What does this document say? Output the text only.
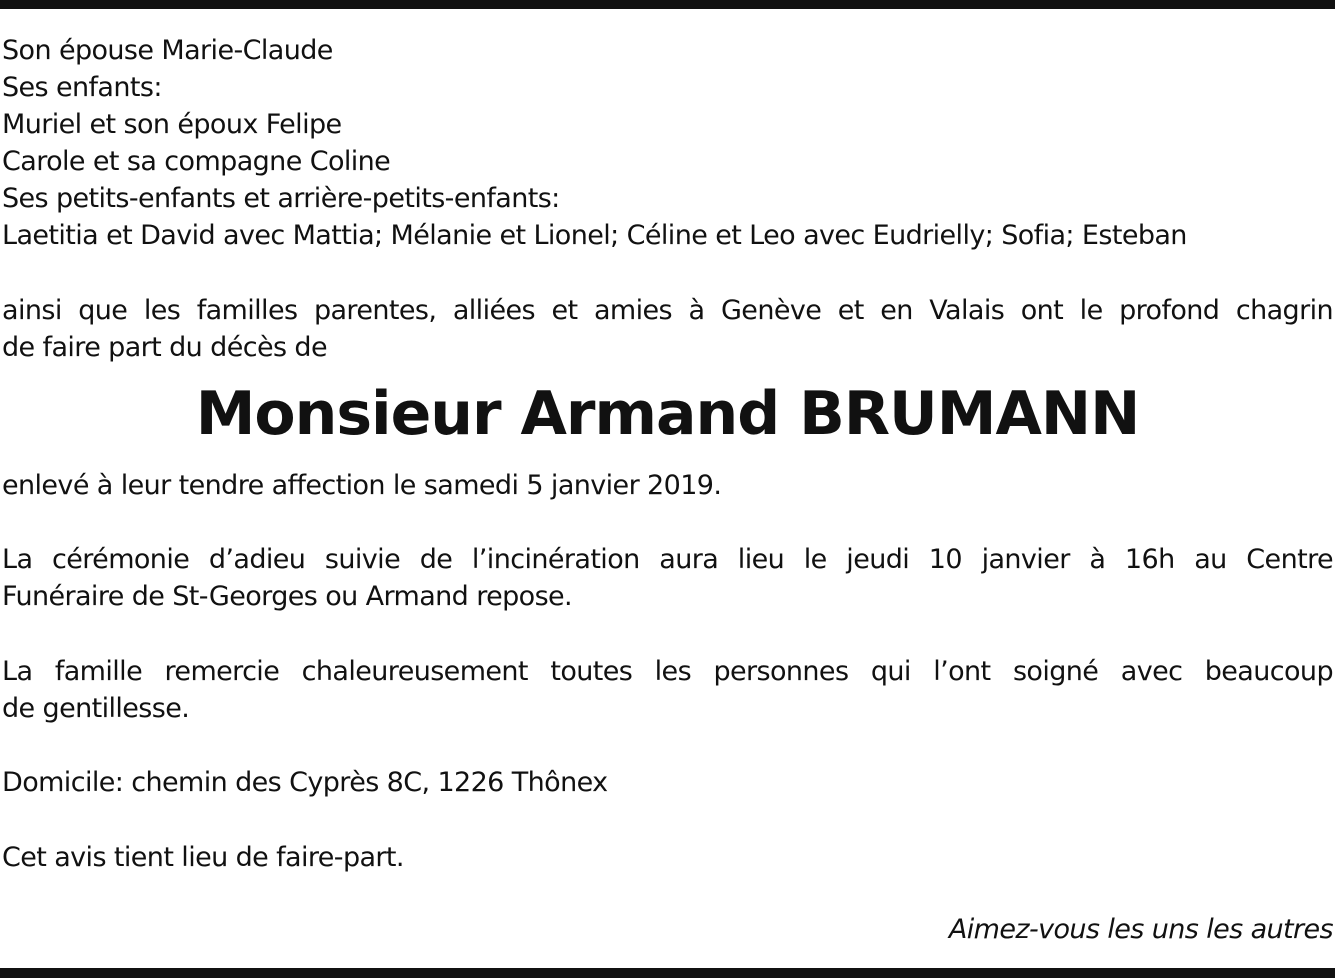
Son épouse Marie-Claude
Ses enfants:
Muriel et son époux Felipe
Carole et sa compagne Coline
Ses petits-enfants et arrière-petits-enfants:
Laetitia et David avec Mattia; Mélanie et Lionel; Céline et Leo avec Eudrielly; Sofia; Esteban
ainsi que les familles parentes, alliées et amies à Genève et en Valais ont le profond chagrin
de faire part du décès de
Monsieur Armand BRUMANN
enlevé à leur tendre affection le samedi 5 janvier 2019.
La cérémonie d’adieu suivie de l’incinération aura lieu le jeudi 10 janvier à 16h au Centre
Funéraire de St-Georges ou Armand repose.
La famille remercie chaleureusement toutes les personnes qui l’ont soigné avec beaucoup
de gentillesse.
Domicile: chemin des Cyprès 8C, 1226 Thônex
Cet avis tient lieu de faire-part.
Aimez-vous les uns les autres
